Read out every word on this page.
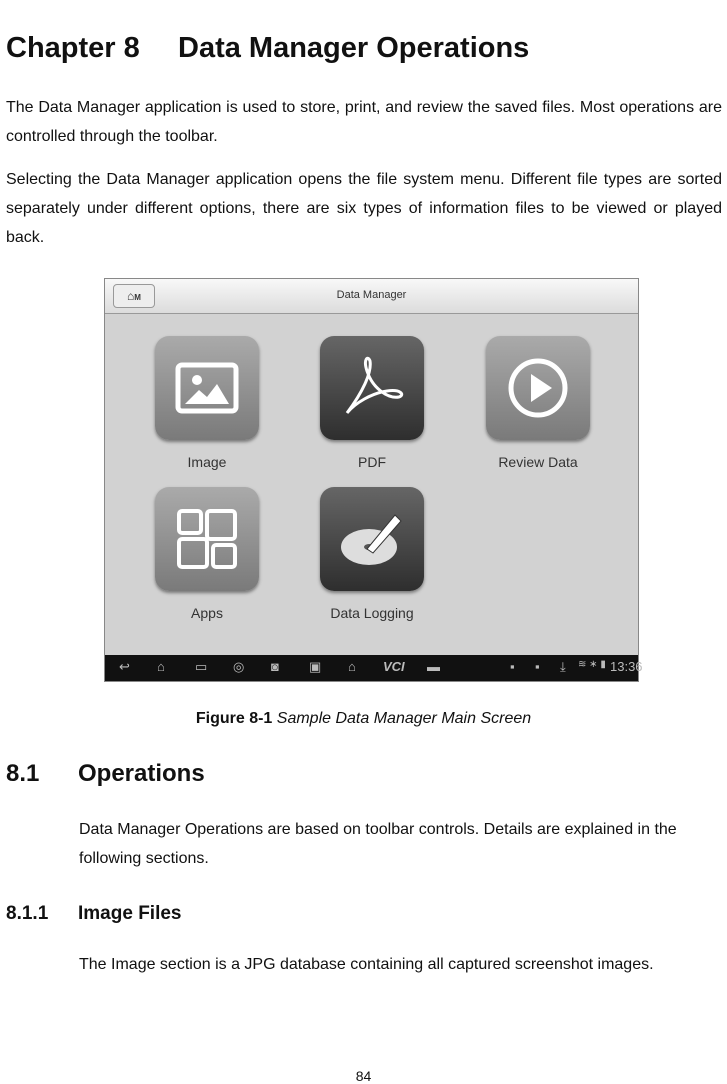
Chapter 8 Data Manager Operations

The Data Manager application is used to store, print, and review the saved files. Most operations are controlled through the toolbar.

Selecting the Data Manager application opens the file system menu. Different file types are sorted separately under different options, there are six types of information files to be viewed or played back.

⌂M	Data Manager
Image	PDF	Review Data
Apps	Data Logging
↩ ⌂ ▭ ◎ ◙ ▣ ⌂ VCI ▬	▪ ▪ ⤓ ≋ ∗ ▮ 13:36
Figure 8-1 Sample Data Manager Main Screen
8.1 Operations

Data Manager Operations are based on toolbar controls. Details are explained in the following sections.

8.1.1 Image Files

The Image section is a JPG database containing all captured screenshot images.

84
